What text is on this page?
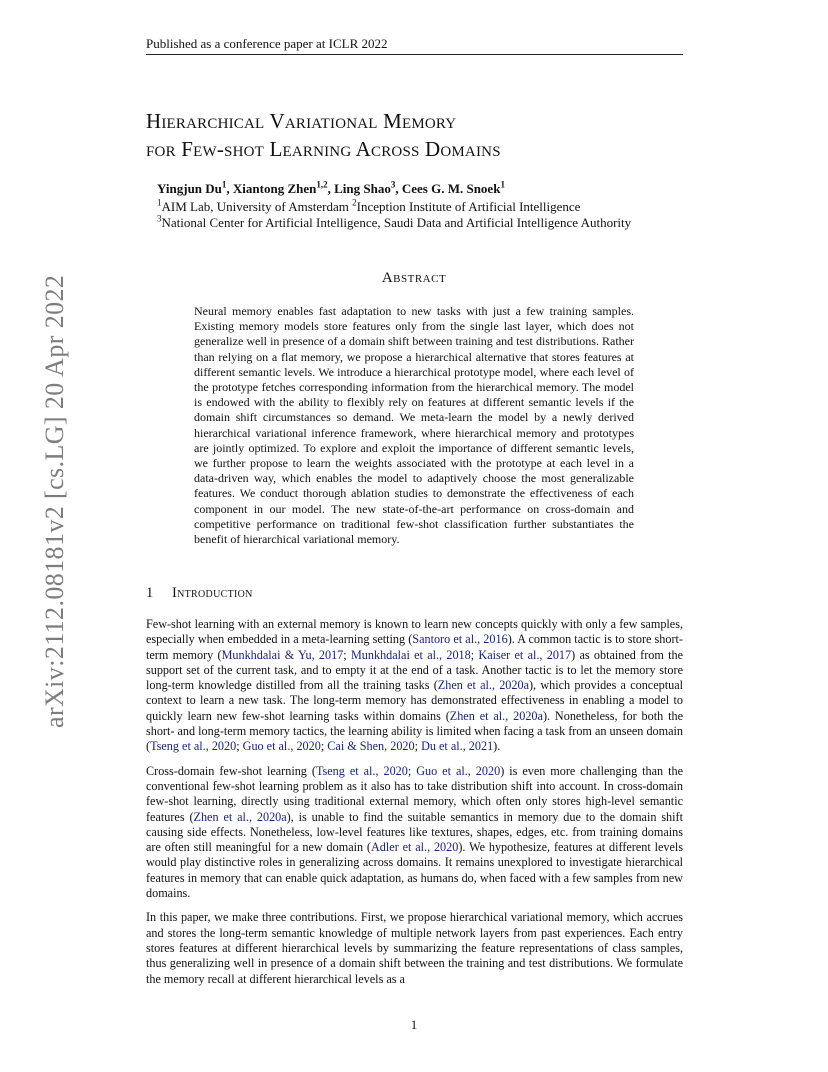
Published as a conference paper at ICLR 2022
arXiv:2112.08181v2 [cs.LG] 20 Apr 2022
Hierarchical Variational Memory
for Few-shot Learning Across Domains
Yingjun Du$^1$, Xiantong Zhen$^{1,2}$, Ling Shao$^3$, Cees G. M. Snoek$^1$
$^1$AIM Lab, University of Amsterdam $^2$Inception Institute of Artificial Intelligence
$^3$National Center for Artificial Intelligence, Saudi Data and Artificial Intelligence Authority
Abstract
Neural memory enables fast adaptation to new tasks with just a few training samples. Existing memory models store features only from the single last layer, which does not generalize well in presence of a domain shift between training and test distributions. Rather than relying on a flat memory, we propose a hierarchical alternative that stores features at different semantic levels. We introduce a hierarchical prototype model, where each level of the prototype fetches corresponding information from the hierarchical memory. The model is endowed with the ability to flexibly rely on features at different semantic levels if the domain shift circumstances so demand. We meta-learn the model by a newly derived hierarchical variational inference framework, where hierarchical memory and prototypes are jointly optimized. To explore and exploit the importance of different semantic levels, we further propose to learn the weights associated with the prototype at each level in a data-driven way, which enables the model to adaptively choose the most generalizable features. We conduct thorough ablation studies to demonstrate the effectiveness of each component in our model. The new state-of-the-art performance on cross-domain and competitive performance on traditional few-shot classification further substantiates the benefit of hierarchical variational memory.
1 Introduction

Few-shot learning with an external memory is known to learn new concepts quickly with only a few samples, especially when embedded in a meta-learning setting (Santoro et al., 2016). A common tactic is to store short-term memory (Munkhdalai & Yu, 2017; Munkhdalai et al., 2018; Kaiser et al., 2017) as obtained from the support set of the current task, and to empty it at the end of a task. Another tactic is to let the memory store long-term knowledge distilled from all the training tasks (Zhen et al., 2020a), which provides a conceptual context to learn a new task. The long-term memory has demonstrated effectiveness in enabling a model to quickly learn new few-shot learning tasks within domains (Zhen et al., 2020a). Nonetheless, for both the short- and long-term memory tactics, the learning ability is limited when facing a task from an unseen domain (Tseng et al., 2020; Guo et al., 2020; Cai & Shen, 2020; Du et al., 2021).

Cross-domain few-shot learning (Tseng et al., 2020; Guo et al., 2020) is even more challenging than the conventional few-shot learning problem as it also has to take distribution shift into account. In cross-domain few-shot learning, directly using traditional external memory, which often only stores high-level semantic features (Zhen et al., 2020a), is unable to find the suitable semantics in memory due to the domain shift causing side effects. Nonetheless, low-level features like textures, shapes, edges, etc. from training domains are often still meaningful for a new domain (Adler et al., 2020). We hypothesize, features at different levels would play distinctive roles in generalizing across domains. It remains unexplored to investigate hierarchical features in memory that can enable quick adaptation, as humans do, when faced with a few samples from new domains.

In this paper, we make three contributions. First, we propose hierarchical variational memory, which accrues and stores the long-term semantic knowledge of multiple network layers from past experiences. Each entry stores features at different hierarchical levels by summarizing the feature representations of class samples, thus generalizing well in presence of a domain shift between the training and test distributions. We formulate the memory recall at different hierarchical levels as a

1
